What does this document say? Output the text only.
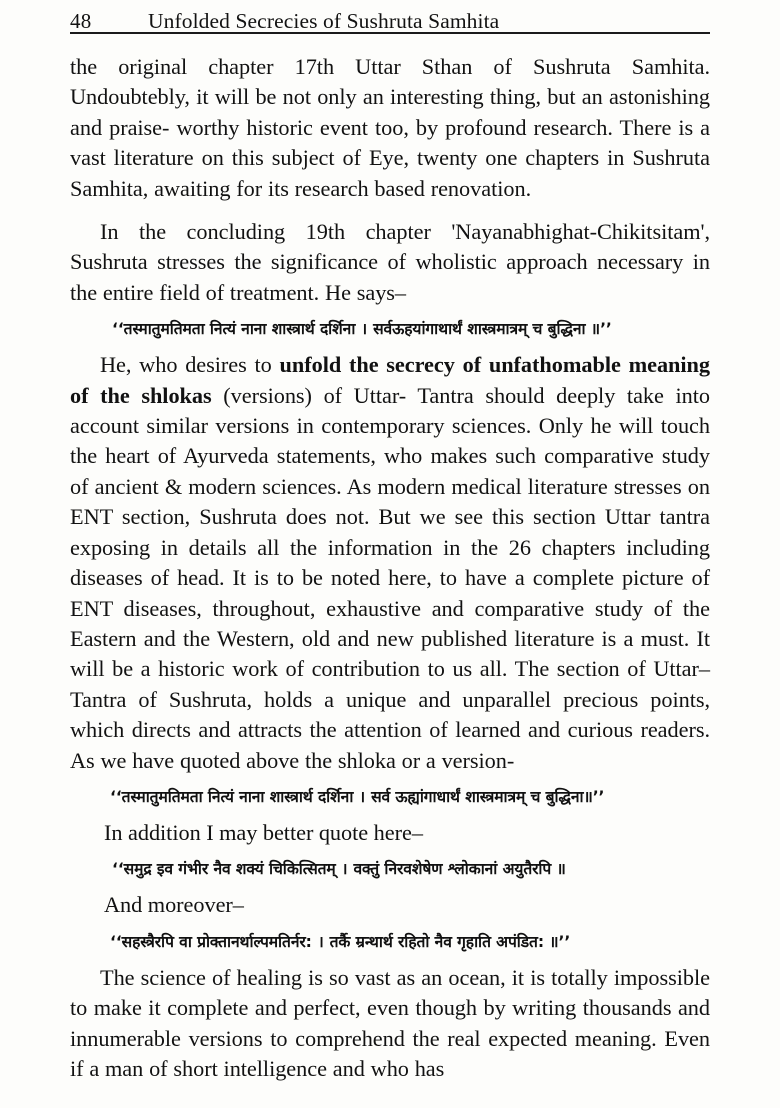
48	Unfolded Secrecies of Sushruta Samhita

the original chapter 17th Uttar Sthan of Sushruta Samhita. Undoubtebly, it will be not only an interesting thing, but an astonishing and praise- worthy historic event too, by profound research. There is a vast literature on this subject of Eye, twenty one chapters in Sushruta Samhita, awaiting for its research based renovation.

In the concluding 19th chapter 'Nayanabhighat-Chikitsitam', Sushruta stresses the significance of wholistic approach necessary in the entire field of treatment. He says–

‘‘तस्मातुमतिमता नित्यं नाना शास्त्रार्थ दर्शिना । सर्वऊहयांगाथार्थं शास्त्रमात्रम् च बुद्धिना ॥’’

He, who desires to unfold the secrecy of unfathomable meaning of the shlokas (versions) of Uttar- Tantra should deeply take into account similar versions in contemporary sciences. Only he will touch the heart of Ayurveda statements, who makes such comparative study of ancient & modern sciences. As modern medical literature stresses on ENT section, Sushruta does not. But we see this section Uttar tantra exposing in details all the information in the 26 chapters including diseases of head. It is to be noted here, to have a complete picture of ENT diseases, throughout, exhaustive and comparative study of the Eastern and the Western, old and new published literature is a must. It will be a historic work of contribution to us all. The section of Uttar–Tantra of Sushruta, holds a unique and unparallel precious points, which directs and attracts the attention of learned and curious readers. As we have quoted above the shloka or a version-

‘‘तस्मातुमतिमता नित्यं नाना शास्त्रार्थ दर्शिना । सर्व ऊह्यांगाधार्थं शास्त्रमात्रम् च बुद्धिना॥’’

In addition I may better quote here–

‘‘समुद्र इव गंभीर नैव शक्यं चिकित्सितम् । वक्तुं निरवशेषेण श्लोकानां अयुतैरपि ॥

And moreover–

‘‘सहस्त्रैरपि वा प्रोक्तानर्थाल्पमतिर्नर: । तर्कै म्रन्थार्थ रहितो नैव गृहाति अपंडित: ॥’’

The science of healing is so vast as an ocean, it is totally impossible to make it complete and perfect, even though by writing thousands and innumerable versions to comprehend the real expected meaning. Even if a man of short intelligence and who has
